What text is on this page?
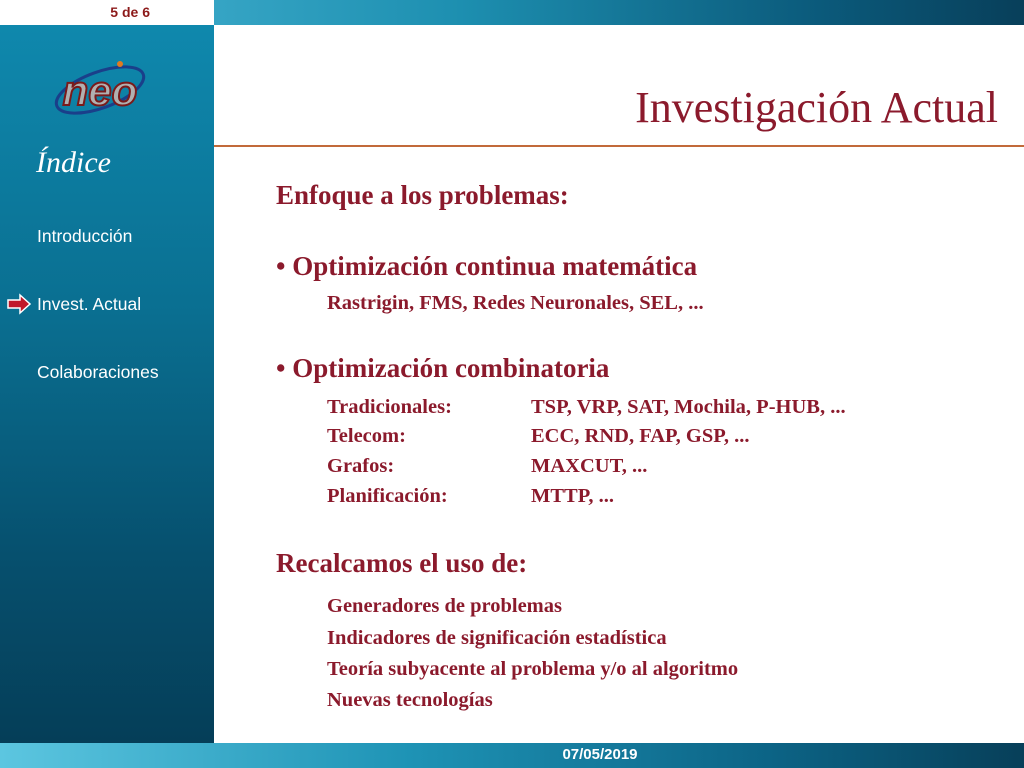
5 de 6
neo
Índice
Introducción
Invest. Actual
Colaboraciones
Investigación Actual
Enfoque a los problemas:
• Optimización continua matemática
Rastrigin, FMS, Redes Neuronales, SEL, ...
• Optimización combinatoria
Tradicionales:	TSP, VRP, SAT, Mochila, P-HUB, ...
Telecom:	ECC, RND, FAP, GSP, ...
Grafos:	MAXCUT, ...
Planificación:	MTTP, ...
Recalcamos el uso de:
Generadores de problemas
Indicadores de significación estadística
Teoría subyacente al problema y/o al algoritmo
Nuevas tecnologías
07/05/2019
